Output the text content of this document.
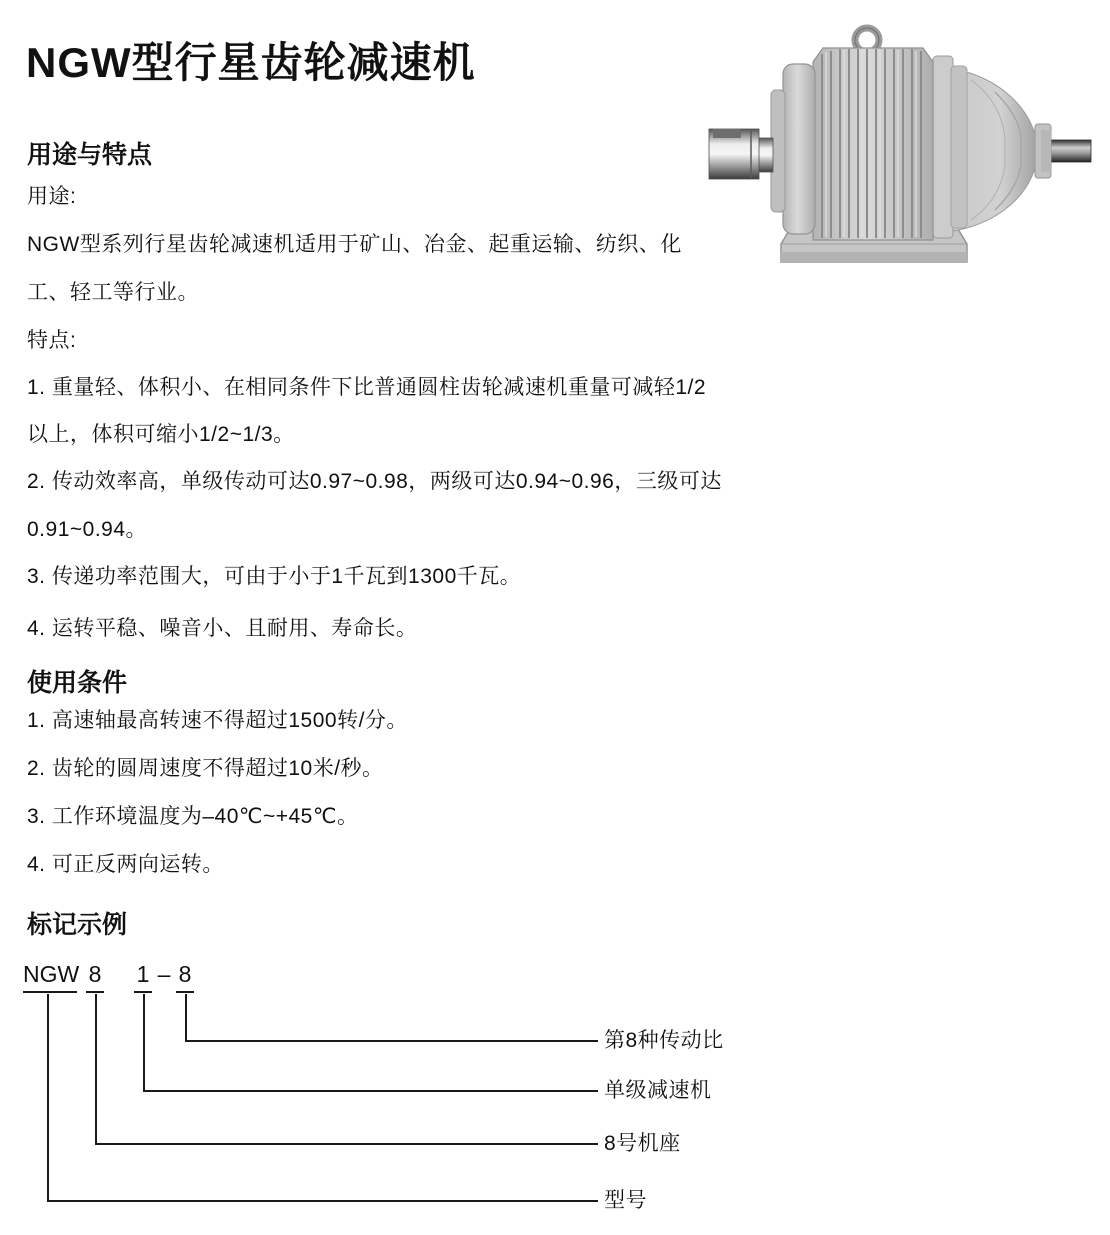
NGW型行星齿轮减速机
用途与特点
用途:
NGW型系列行星齿轮减速机适用于矿山、冶金、起重运输、纺织、化
工、轻工等行业。
特点:
1. 重量轻、体积小、在相同条件下比普通圆柱齿轮减速机重量可减轻1/2
以上，体积可缩小1/2~1/3。
2. 传动效率高，单级传动可达0.97~0.98，两级可达0.94~0.96，三级可达
0.91~0.94。
3. 传递功率范围大，可由于小于1千瓦到1300千瓦。
4. 运转平稳、噪音小、且耐用、寿命长。
使用条件
1. 高速轴最高转速不得超过1500转/分。
2. 齿轮的圆周速度不得超过10米/秒。
3. 工作环境温度为–40℃~+45℃。
4. 可正反两向运转。
标记示例
NGW 8 1 – 8
第8种传动比
单级减速机
8号机座
型号
